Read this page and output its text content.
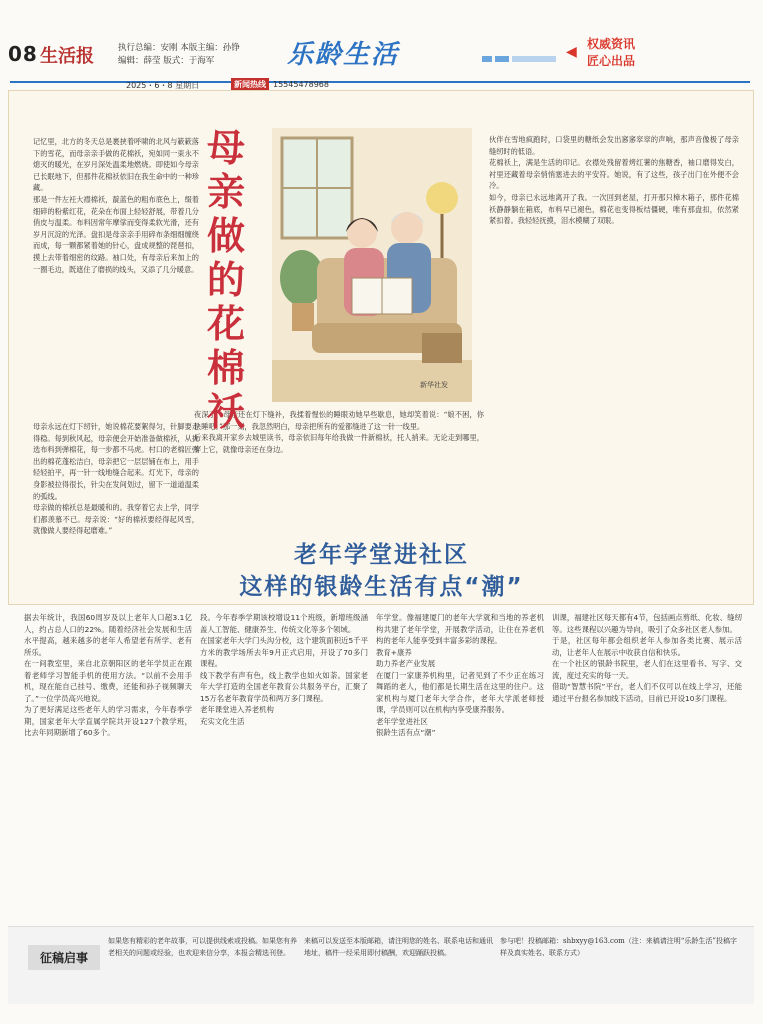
08 生活报	执行总编：安刚 本版主编：孙铮
编辑：薛莹 版式：于海军	乐龄生活	◀ 权威资讯
匠心出品
2025・6・8 星期日	新闻热线 15545478968
记忆里，北方的冬天总是裹挟着呼啸的北风与簌簌落下的雪花，而母亲亲手做的花棉袄，宛如同一束永不熄灭的暖光，在岁月深处温柔地燃烧。即使如今母亲已长眠地下，但那件花棉袄依旧在我生命中的一种珍藏。
那是一件左衽大襟棉袄，靛蓝色的粗布底色上，缀着细碎的粉紫红花，花朵在布面上轻轻舒展，带着几分俏皮与温柔。布料因常年摩挲而变得柔软光滑，还有岁月沉淀的光泽。盘扣是母亲亲手用碎布条细细缠绕而成，每一颗都紧着她的针心，盘成规整的琵琶扣，摸上去带着细密的纹路。袖口处，有母亲后来加上的一圈毛边，既遮住了磨损的线头，又添了几分暖意。
母亲永远在灯下纫针，她说棉花要絮得匀，针脚要走得稳。每到秋风起，母亲便会开始准备做棉袄，从挑选布料到弹棉花，每一步都不马虎。村口的老棉匠弹出的棉花蓬松洁白，母亲把它一层层铺在布上，用手轻轻拍平，再一针一线地缝合起来。灯光下，母亲的身影被拉得很长，针尖在发间划过，留下一道道温柔的弧线。
母亲做的棉袄总是最暖和的。我穿着它去上学，同学们都羡慕不已。母亲说：“好的棉袄要经得起风雪，就像做人要经得起磨难。”
夜深了，母亲还在灯下缝补，我揉着惺忪的睡眼劝她早些歇息，她却笑着说：“娘不困，你快睡吧。”那一刻，我忽然明白，母亲把所有的爱都缝进了这一针一线里。
后来我离开家乡去城里读书，母亲依旧每年给我做一件新棉袄，托人捎来。无论走到哪里，穿上它，就像母亲还在身边。
伙伴在雪地疯跑时，口袋里的糖纸会发出窸窸窣窣的声响，那声音像极了母亲缝纫时的低语。
花棉袄上，满是生活的印记。衣襟处残留着烤红薯的焦糖香，袖口磨得发白，衬里还藏着母亲悄悄塞进去的平安符。她说，有了这些，孩子出门在外便不会冷。
如今，母亲已永远地离开了我。一次回到老屋，打开那只樟木箱子，那件花棉袄静静躺在箱底，布料早已褪色，棉花也变得板结僵硬，唯有那盘扣，依然紧紧扣着。我轻轻抚摸，泪水模糊了双眼。
母亲做的花棉袄
新华社发
老年学堂进社区
这样的银龄生活有点“潮”
据去年统计，我国60周岁及以上老年人口超3.1亿人，约占总人口的22%。随着经济社会发展和生活水平提高，越来越多的老年人希望老有所学、老有所乐。
在一间教室里，来自北京朝阳区的老年学员正在跟着老师学习智能手机的使用方法。“以前不会用手机，现在能自己挂号、缴费，还能和孙子视频聊天了。”一位学员高兴地说。
为了更好满足这些老年人的学习需求，今年春季学期，国家老年大学直属学院共开设127个教学班，比去年同期新增了60多个。
段。今年春季学期该校增设11个班级，新增班级涵盖人工智能、健康养生、传统文化等多个领域。
在国家老年大学门头沟分校，这个建筑面积近5千平方米的教学场所去年9月正式启用，开设了70多门课程。
线下教学有声有色，线上教学也如火如荼。国家老年大学打造的全国老年教育公共服务平台，汇聚了15万名老年教育学员和两万多门课程。
老年课堂进入养老机构
充实文化生活
年学堂。像福建厦门的老年大学就和当地的养老机构共建了老年学堂，开展教学活动，让住在养老机构的老年人能享受到丰富多彩的课程。
教育+康养
助力养老产业发展
在厦门一家康养机构里，记者见到了不少正在练习舞蹈的老人，他们都是长期生活在这里的住户。这家机构与厦门老年大学合作，老年大学派老师授课，学员则可以在机构内享受康养服务。
老年学堂进社区
银龄生活有点“潮”
训课，福建社区每天都有4节，包括画点剪纸、化妆、缝纫等。这些课程以兴趣为导向，吸引了众多社区老人参加。
于是，社区每年都会组织老年人参加各类比赛、展示活动，让老年人在展示中收获自信和快乐。
在一个社区的银龄书院里，老人们在这里看书、写字、交流，度过充实的每一天。
借助“智慧书院”平台，老人们不仅可以在线上学习，还能通过平台报名参加线下活动，目前已开设10多门课程。
征稿启事
如果您有精彩的老年故事，可以提供线索或投稿。如果您有养老相关的问题或经验，也欢迎来信分享，本报会精选刊登。
来稿可以发送至本版邮箱，请注明您的姓名、联系电话和通讯地址，稿件一经采用即付稿酬，欢迎踊跃投稿。
参与吧！投稿邮箱：shbxyy@163.com（注：来稿请注明“乐龄生活”投稿字样及真实姓名、联系方式）
